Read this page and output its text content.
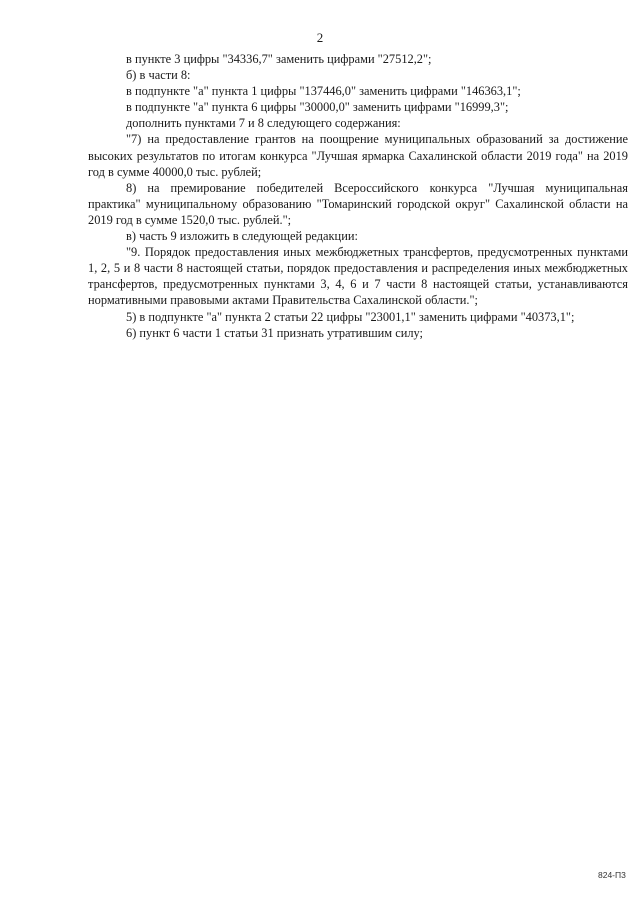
2

в пункте 3 цифры "34336,7" заменить цифрами "27512,2";

б) в части 8:

в подпункте "а" пункта 1 цифры "137446,0" заменить цифрами "146363,1";

в подпункте "а" пункта 6 цифры "30000,0" заменить цифрами "16999,3";

дополнить пунктами 7 и 8 следующего содержания:

"7) на предоставление грантов на поощрение муниципальных образований за достижение высоких результатов по итогам конкурса "Лучшая ярмарка Сахалинской области 2019 года" на 2019 год в сумме 40000,0 тыс. рублей;

8) на премирование победителей Всероссийского конкурса "Лучшая муниципальная практика" муниципальному образованию "Томаринский городской округ" Сахалинской области на 2019 год в сумме 1520,0 тыс. рублей.";

в) часть 9 изложить в следующей редакции:

"9. Порядок предоставления иных межбюджетных трансфертов, предусмотренных пунктами 1, 2, 5 и 8 части 8 настоящей статьи, порядок предоставления и распределения иных межбюджетных трансфертов, предусмотренных пунктами 3, 4, 6 и 7 части 8 настоящей статьи, устанавливаются нормативными правовыми актами Правительства Сахалинской области.";

5) в подпункте "а" пункта 2 статьи 22 цифры "23001,1" заменить цифрами "40373,1";

6) пункт 6 части 1 статьи 31 признать утратившим силу;

824-П3
